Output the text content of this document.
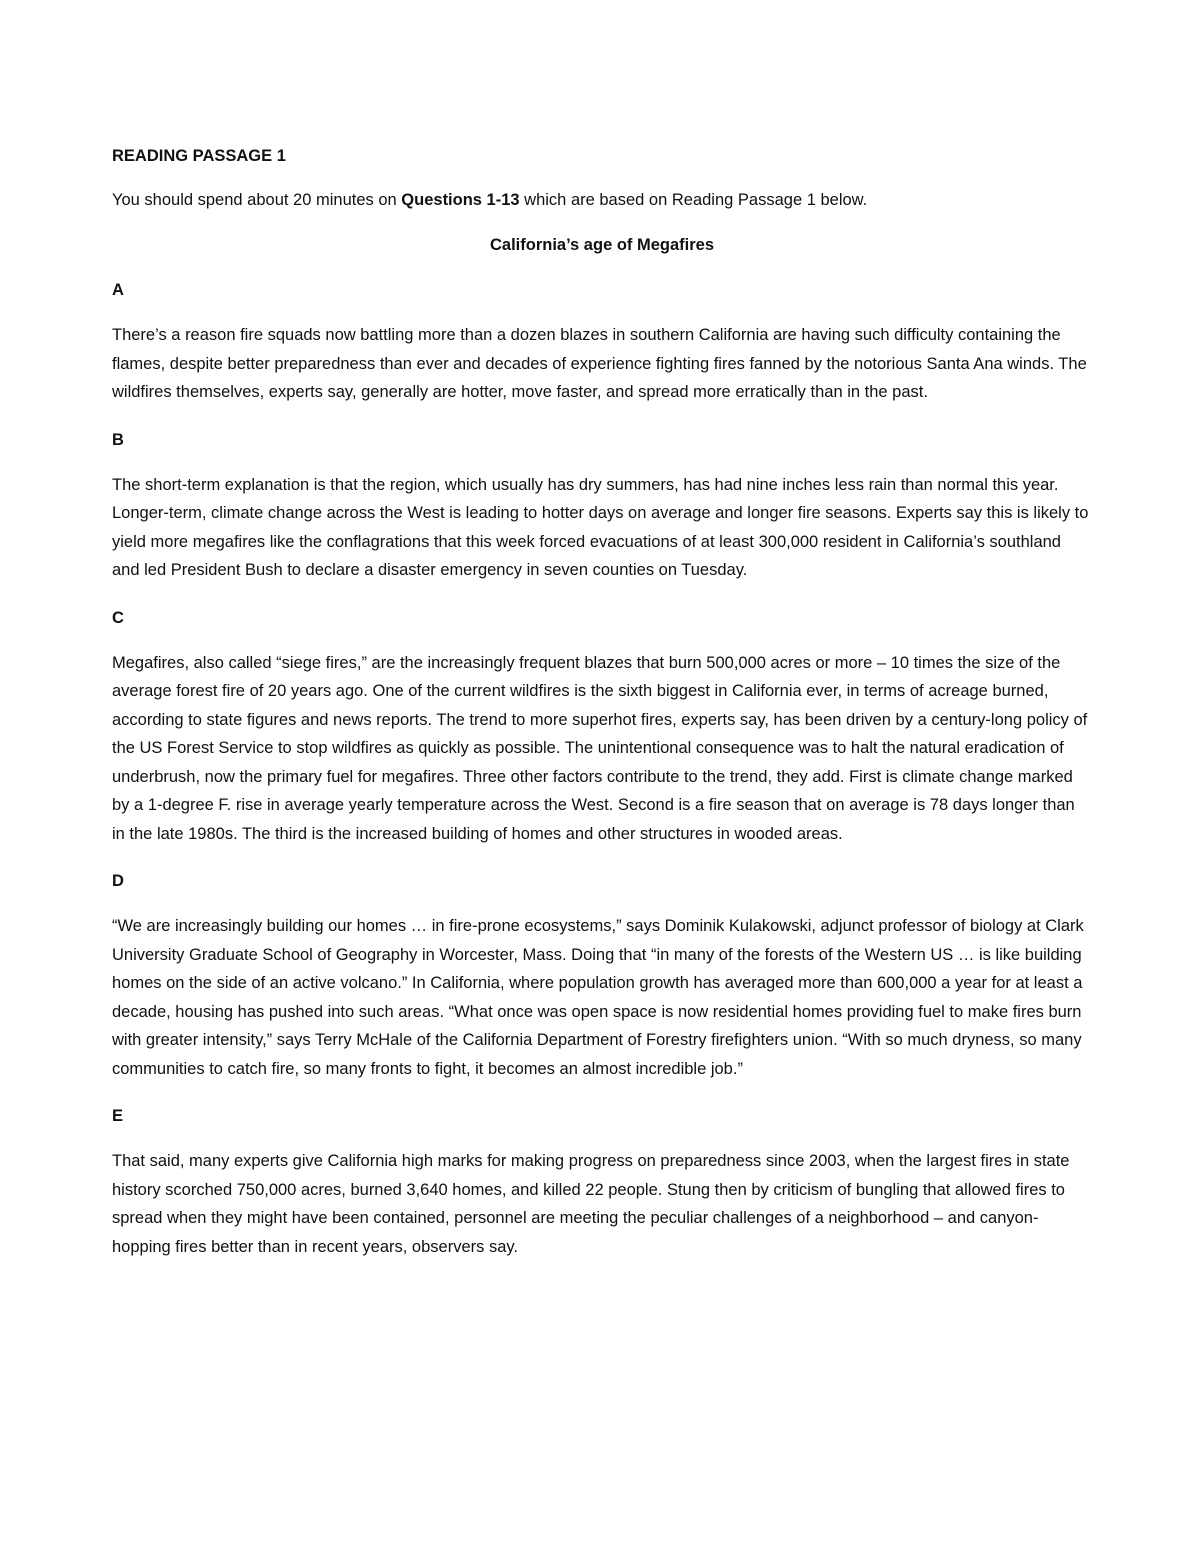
READING PASSAGE 1
You should spend about 20 minutes on Questions 1-13 which are based on Reading Passage 1 below.
California’s age of Megafires
A
There’s a reason fire squads now battling more than a dozen blazes in southern California are having such difficulty containing the flames, despite better preparedness than ever and decades of experience fighting fires fanned by the notorious Santa Ana winds. The wildfires themselves, experts say, generally are hotter, move faster, and spread more erratically than in the past.
B
The short-term explanation is that the region, which usually has dry summers, has had nine inches less rain than normal this year. Longer-term, climate change across the West is leading to hotter days on average and longer fire seasons. Experts say this is likely to yield more megafires like the conflagrations that this week forced evacuations of at least 300,000 resident in California’s southland and led President Bush to declare a disaster emergency in seven counties on Tuesday.
C
Megafires, also called “siege fires,” are the increasingly frequent blazes that burn 500,000 acres or more – 10 times the size of the average forest fire of 20 years ago. One of the current wildfires is the sixth biggest in California ever, in terms of acreage burned, according to state figures and news reports. The trend to more superhot fires, experts say, has been driven by a century-long policy of the US Forest Service to stop wildfires as quickly as possible. The unintentional consequence was to halt the natural eradication of underbrush, now the primary fuel for megafires. Three other factors contribute to the trend, they add. First is climate change marked by a 1-degree F. rise in average yearly temperature across the West. Second is a fire season that on average is 78 days longer than in the late 1980s. The third is the increased building of homes and other structures in wooded areas.
D
“We are increasingly building our homes … in fire-prone ecosystems,” says Dominik Kulakowski, adjunct professor of biology at Clark University Graduate School of Geography in Worcester, Mass. Doing that “in many of the forests of the Western US … is like building homes on the side of an active volcano.” In California, where population growth has averaged more than 600,000 a year for at least a decade, housing has pushed into such areas. “What once was open space is now residential homes providing fuel to make fires burn with greater intensity,” says Terry McHale of the California Department of Forestry firefighters union. “With so much dryness, so many communities to catch fire, so many fronts to fight, it becomes an almost incredible job.”
E
That said, many experts give California high marks for making progress on preparedness since 2003, when the largest fires in state history scorched 750,000 acres, burned 3,640 homes, and killed 22 people. Stung then by criticism of bungling that allowed fires to spread when they might have been contained, personnel are meeting the peculiar challenges of a neighborhood – and canyon-hopping fires better than in recent years, observers say.
